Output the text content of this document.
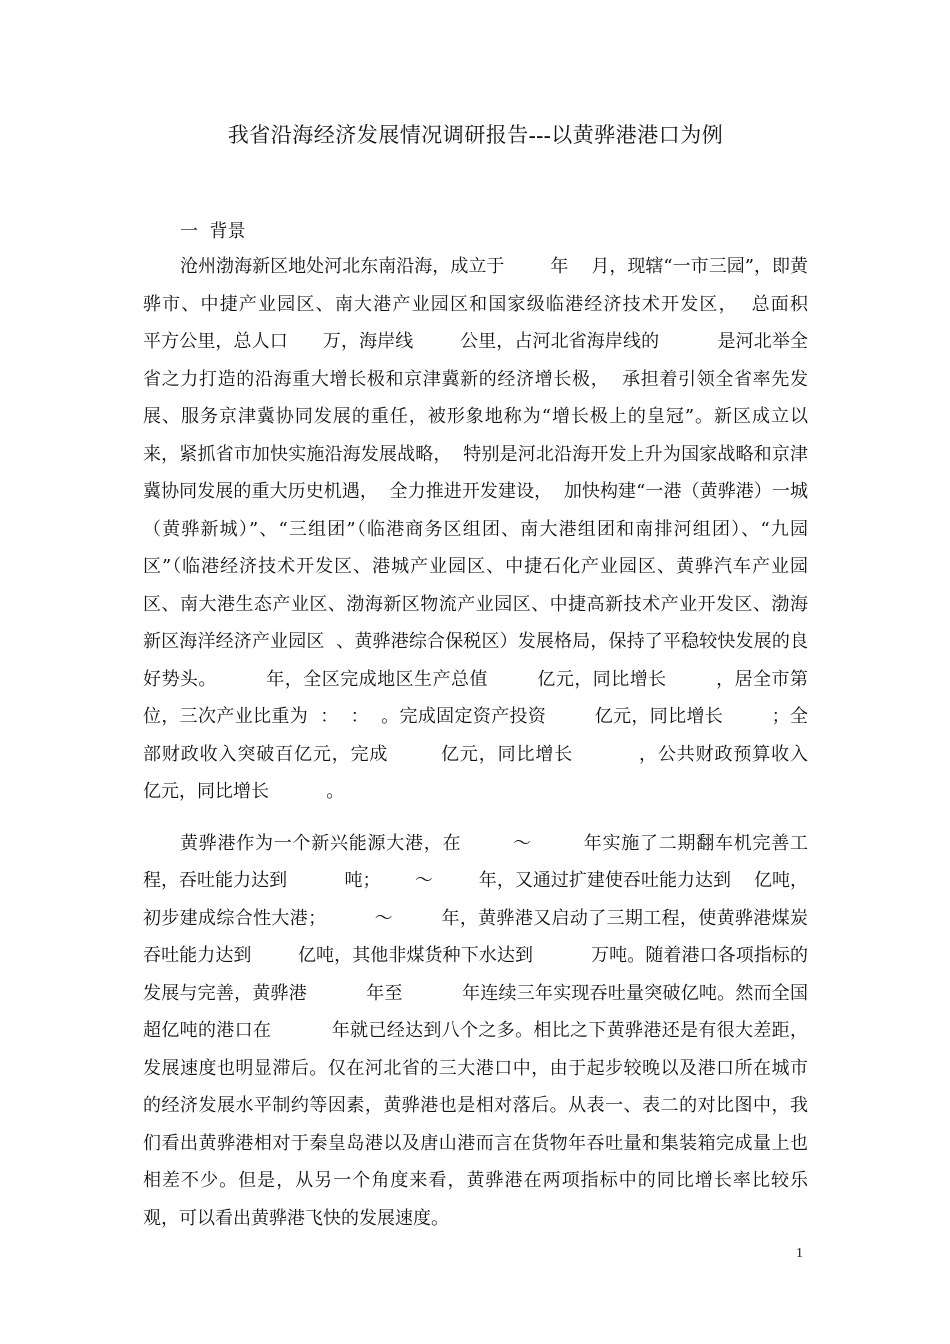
我省沿海经济发展情况调研报告---以黄骅港港口为例
一  背景

沧州渤海新区地处河北东南沿海，成立于        年    月，现辖“一市三园”，即黄骅市、中捷产业园区、南大港产业园区和国家级临港经济技术开发区，  总面积        平方公里，总人口      万，海岸线        公里，占河北省海岸线的          是河北举全省之力打造的沿海重大增长极和京津冀新的经济增长极，  承担着引领全省率先发展、服务京津冀协同发展的重任，被形象地称为“增长极上的皇冠”。新区成立以来，紧抓省市加快实施沿海发展战略，  特别是河北沿海开发上升为国家战略和京津冀协同发展的重大历史机遇，  全力推进开发建设，  加快构建“一港（黄骅港）一城（黄骅新城）”、“三组团”（临港商务区组团、南大港组团和南排河组团）、“九园区”（临港经济技术开发区、港城产业园区、中捷石化产业园区、黄骅汽车产业园区、南大港生态产业区、渤海新区物流产业园区、中捷高新技术产业开发区、渤海新区海洋经济产业园区  、黄骅港综合保税区）发展格局，保持了平稳较快发展的良好势头。        年，全区完成地区生产总值        亿元，同比增长        ，居全市第    位，三次产业比重为  ：  ：  。完成固定资产投资        亿元，同比增长        ；全部财政收入突破百亿元，完成        亿元，同比增长          ，公共财政预算收入          亿元，同比增长          。

黄骅港作为一个新兴能源大港，在        ～        年实施了二期翻车机完善工程，吞吐能力达到          吨；      ～        年，又通过扩建使吞吐能力达到    亿吨，初步建成综合性大港；        ～        年，黄骅港又启动了三期工程，使黄骅港煤炭吞吐能力达到        亿吨，其他非煤货种下水达到          万吨。随着港口各项指标的发展与完善，黄骅港          年至          年连续三年实现吞吐量突破亿吨。然而全国超亿吨的港口在          年就已经达到八个之多。相比之下黄骅港还是有很大差距，发展速度也明显滞后。仅在河北省的三大港口中，由于起步较晚以及港口所在城市的经济发展水平制约等因素，黄骅港也是相对落后。从表一、表二的对比图中，我们看出黄骅港相对于秦皇岛港以及唐山港而言在货物年吞吐量和集装箱完成量上也相差不少。但是，从另一个角度来看，黄骅港在两项指标中的同比增长率比较乐观，可以看出黄骅港飞快的发展速度。

1
